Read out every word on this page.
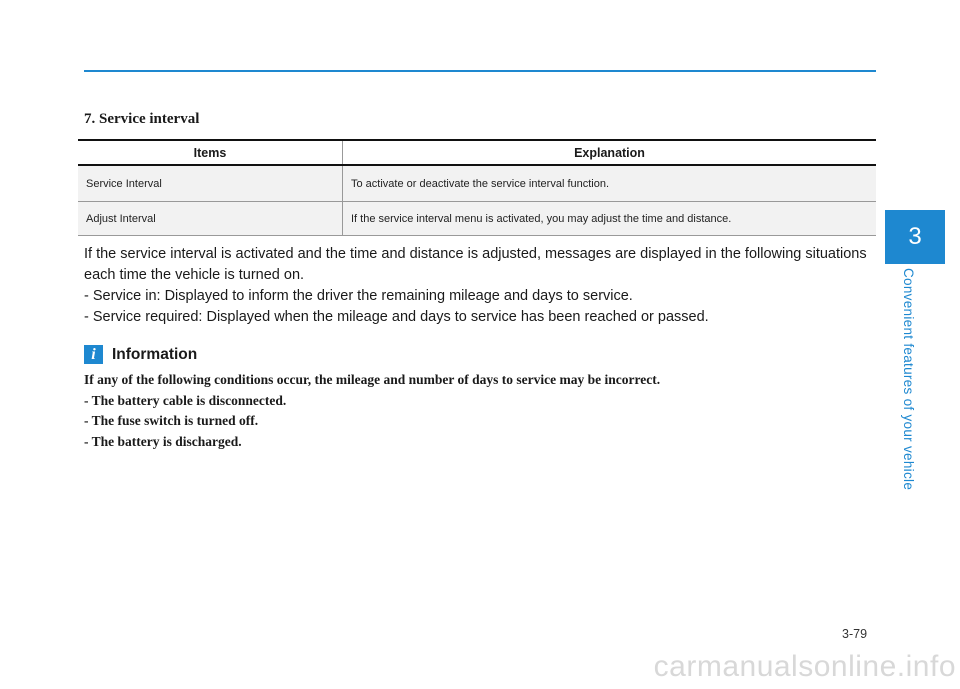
7. Service interval
Items	Explanation
Service Interval	To activate or deactivate the service interval function.
Adjust Interval	If the service interval menu is activated, you may adjust the time and distance.

If the service interval is activated and the time and distance is adjusted, messages are displayed in the following situations each time the vehicle is turned on.

- Service in: Displayed to inform the driver the remaining mileage and days to service.

- Service required: Displayed when the mileage and days to service has been reached or passed.

i	Information

If any of the following conditions occur, the mileage and number of days to service may be incorrect.

- The battery cable is disconnected.

- The fuse switch is turned off.

- The battery is discharged.

3
Convenient features of your vehicle
3-79
carmanualsonline.info
